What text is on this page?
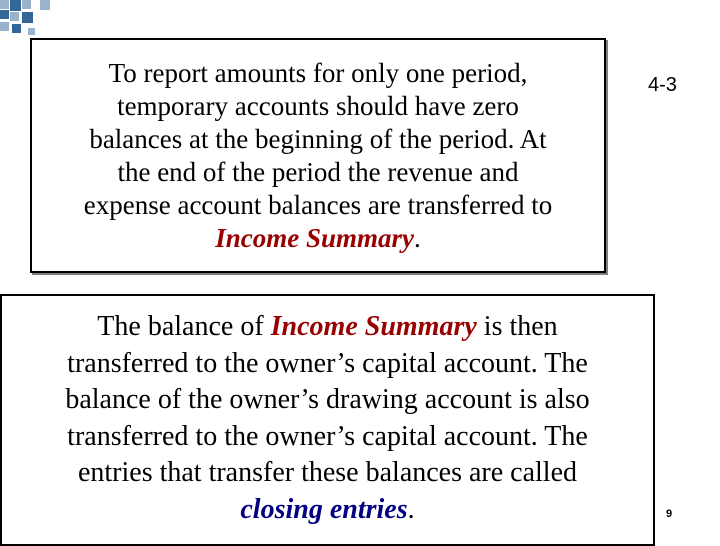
To report amounts for only one period,
temporary accounts should have zero
balances at the beginning of the period. At
the end of the period the revenue and
expense account balances are transferred to
Income Summary.
4-3
The balance of Income Summary is then
transferred to the owner’s capital account. The
balance of the owner’s drawing account is also
transferred to the owner’s capital account. The
entries that transfer these balances are called
closing entries.	9
